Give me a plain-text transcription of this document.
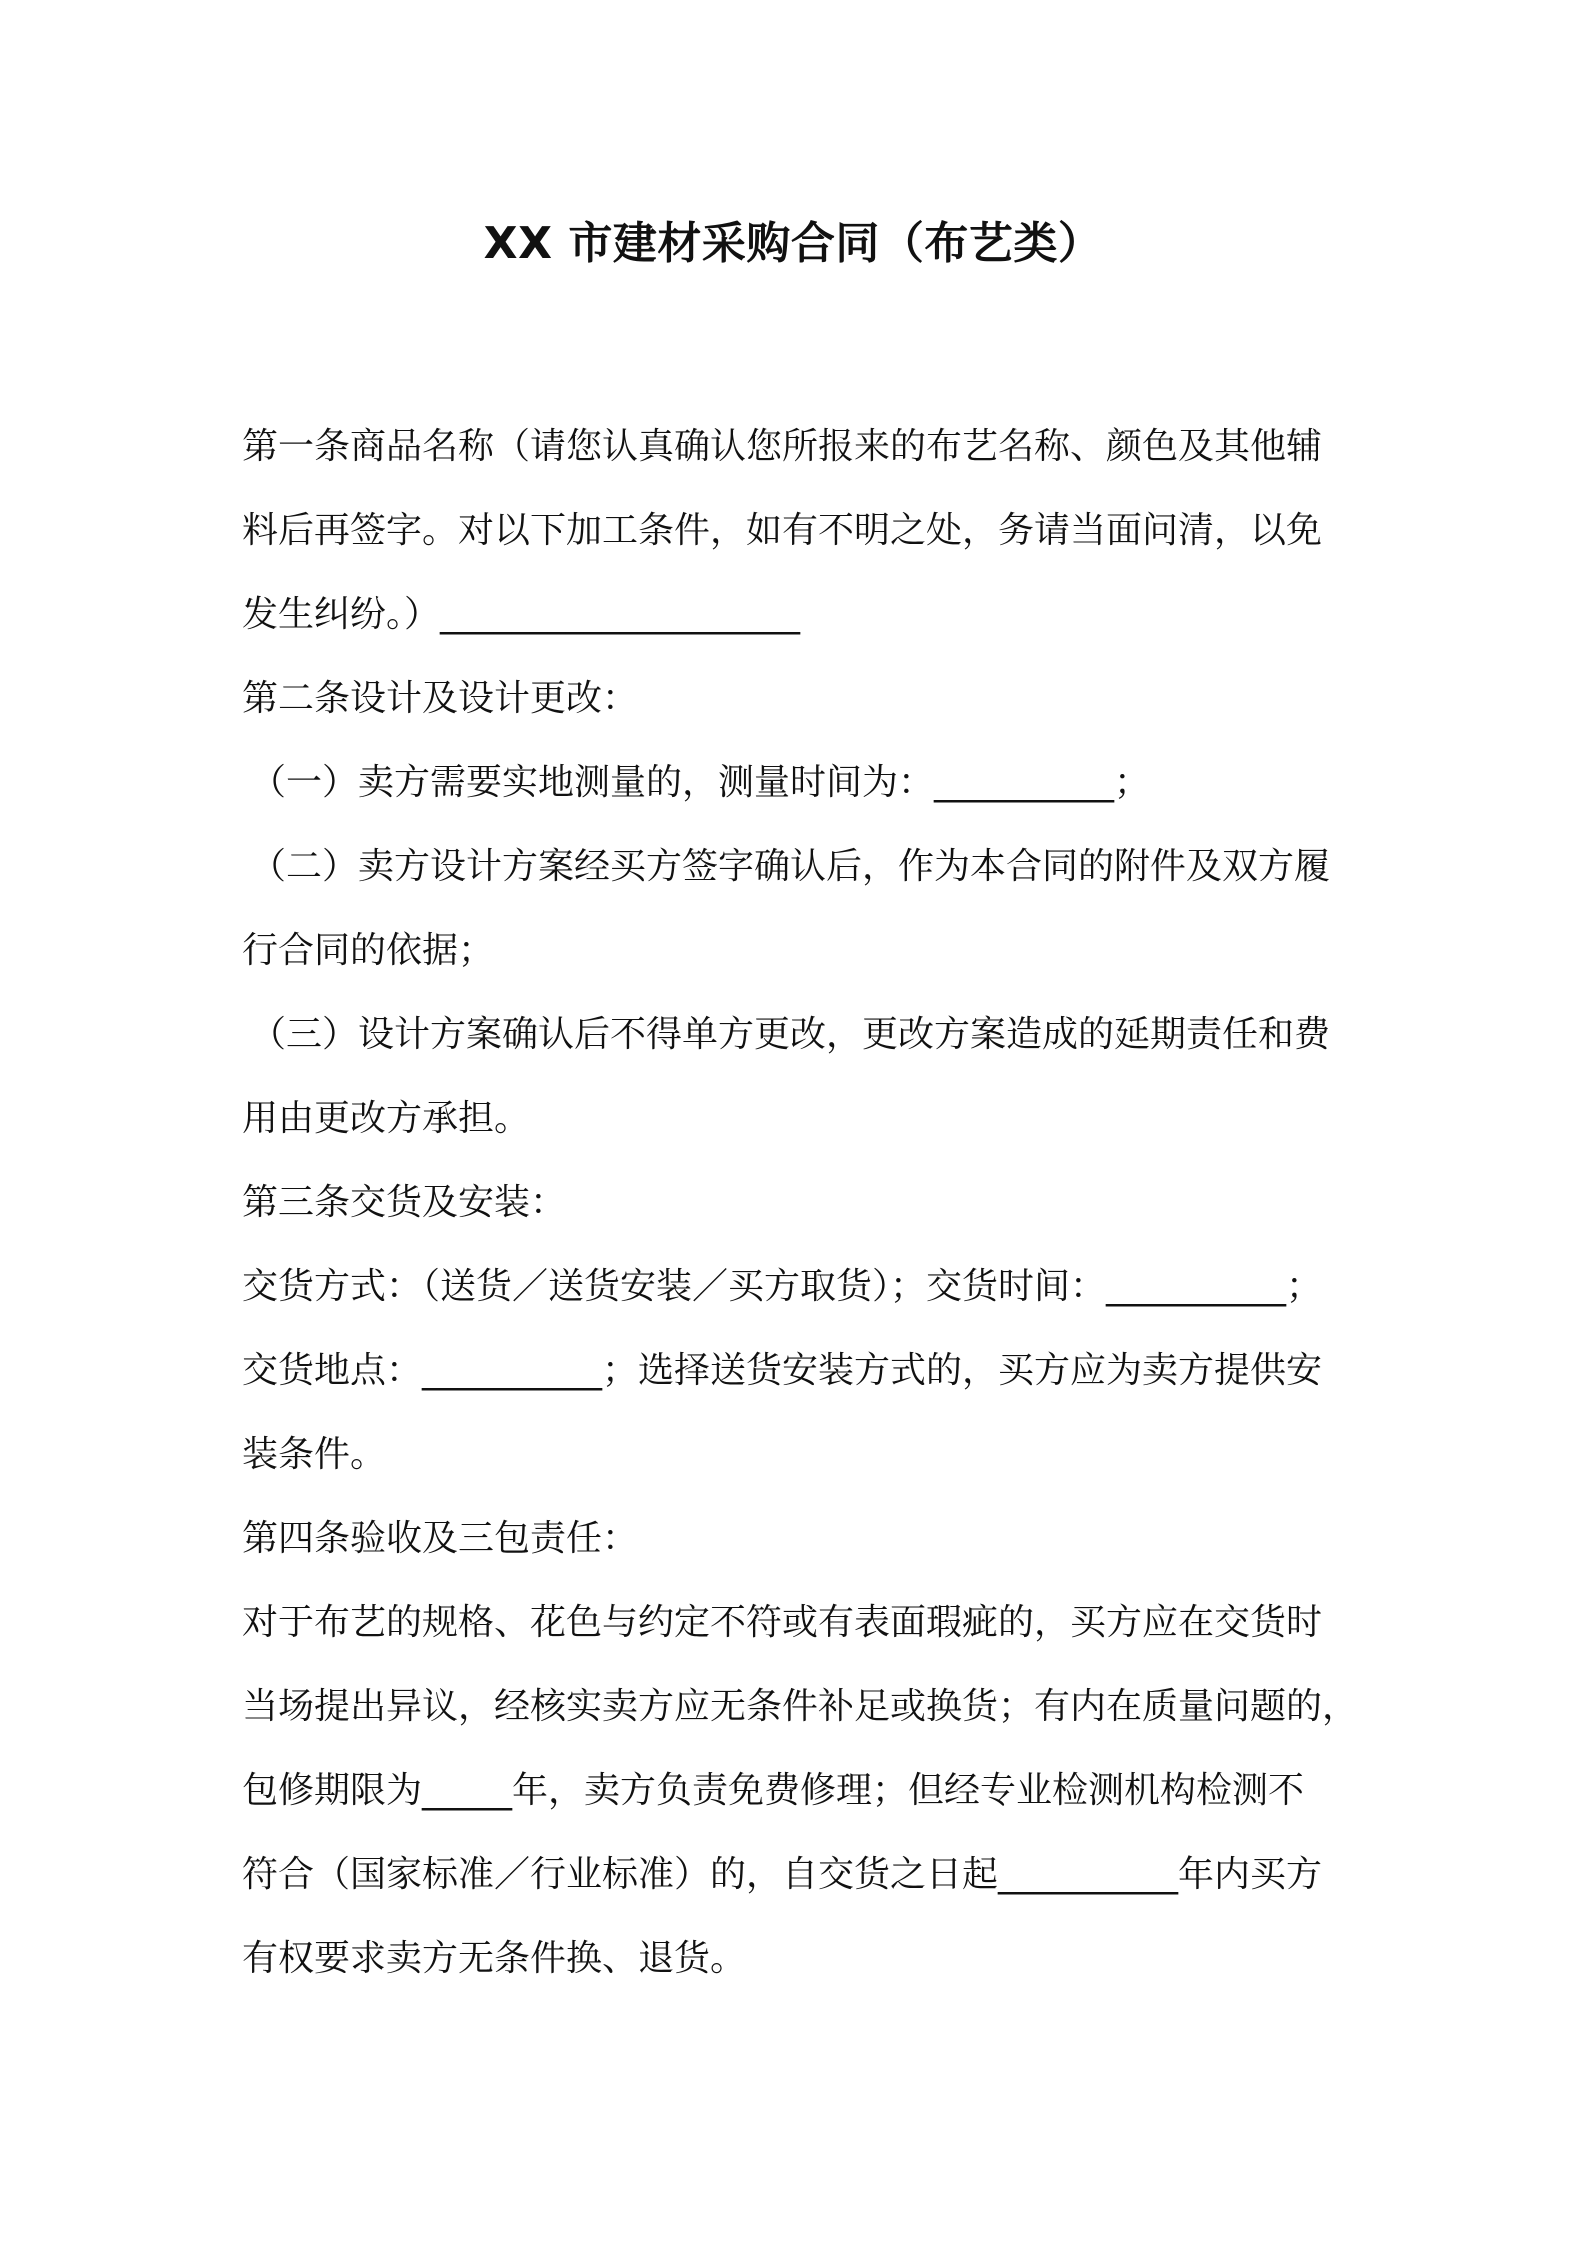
XX 市建材采购合同（布艺类）
第一条商品名称（请您认真确认您所报来的布艺名称、颜色及其他辅
料后再签字。对以下加工条件，如有不明之处，务请当面问清，以免
发生纠纷。）____________________
第二条设计及设计更改：
（一）卖方需要实地测量的，测量时间为：__________；
（二）卖方设计方案经买方签字确认后，作为本合同的附件及双方履
行合同的依据；
（三）设计方案确认后不得单方更改，更改方案造成的延期责任和费
用由更改方承担。
第三条交货及安装：
交货方式：（送货／送货安装／买方取货）；交货时间：__________；
交货地点：__________；选择送货安装方式的，买方应为卖方提供安
装条件。
第四条验收及三包责任：
对于布艺的规格、花色与约定不符或有表面瑕疵的，买方应在交货时
当场提出异议，经核实卖方应无条件补足或换货；有内在质量问题的，
包修期限为_____年，卖方负责免费修理；但经专业检测机构检测不
符合（国家标准／行业标准）的，自交货之日起__________年内买方
有权要求卖方无条件换、退货。
